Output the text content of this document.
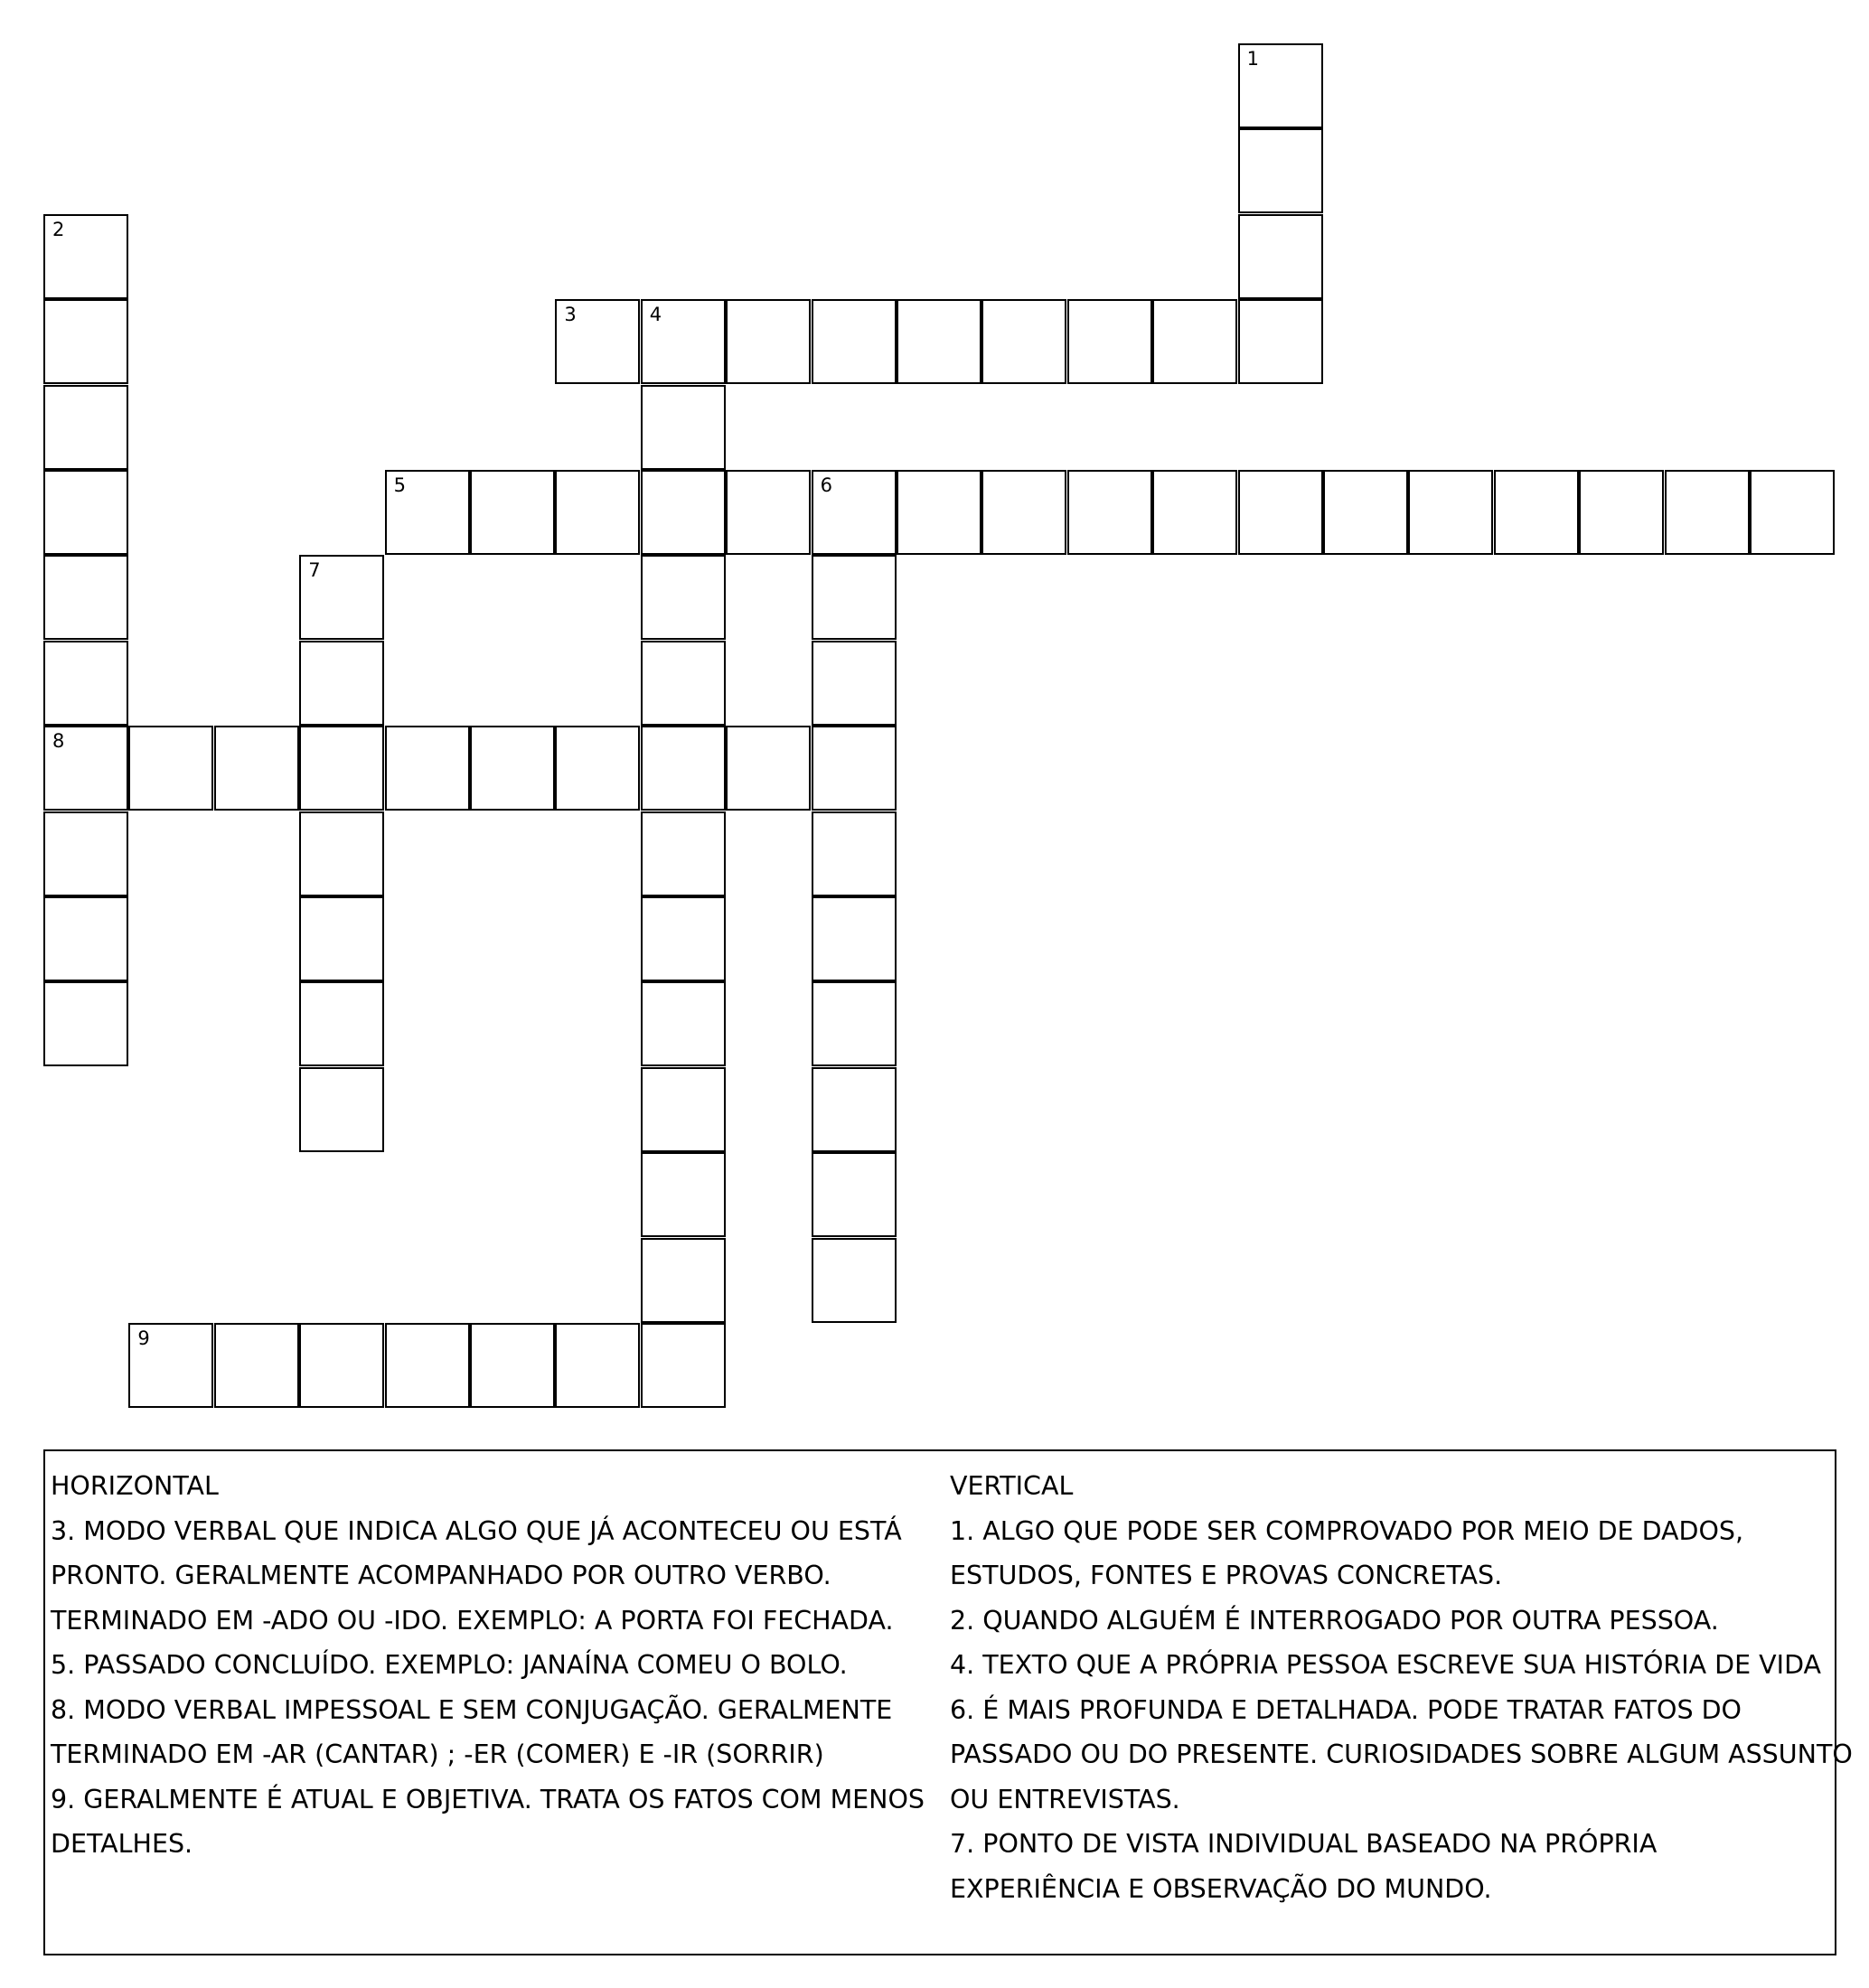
1
2
8
3	4
5	6
7
9
HORIZONTAL
3. MODO VERBAL QUE INDICA ALGO QUE JÁ ACONTECEU OU ESTÁ
PRONTO. GERALMENTE ACOMPANHADO POR OUTRO VERBO.
TERMINADO EM -ADO OU -IDO. EXEMPLO: A PORTA FOI FECHADA.
5. PASSADO CONCLUÍDO. EXEMPLO: JANAÍNA COMEU O BOLO.
8. MODO VERBAL IMPESSOAL E SEM CONJUGAÇÃO. GERALMENTE
TERMINADO EM -AR (CANTAR) ; -ER (COMER) E -IR (SORRIR)
9. GERALMENTE É ATUAL E OBJETIVA. TRATA OS FATOS COM MENOS
DETALHES.
VERTICAL
1. ALGO QUE PODE SER COMPROVADO POR MEIO DE DADOS,
ESTUDOS, FONTES E PROVAS CONCRETAS.
2. QUANDO ALGUÉM É INTERROGADO POR OUTRA PESSOA.
4. TEXTO QUE A PRÓPRIA PESSOA ESCREVE SUA HISTÓRIA DE VIDA
6. É MAIS PROFUNDA E DETALHADA. PODE TRATAR FATOS DO
PASSADO OU DO PRESENTE. CURIOSIDADES SOBRE ALGUM ASSUNTO
OU ENTREVISTAS.
7. PONTO DE VISTA INDIVIDUAL BASEADO NA PRÓPRIA
EXPERIÊNCIA E OBSERVAÇÃO DO MUNDO.
